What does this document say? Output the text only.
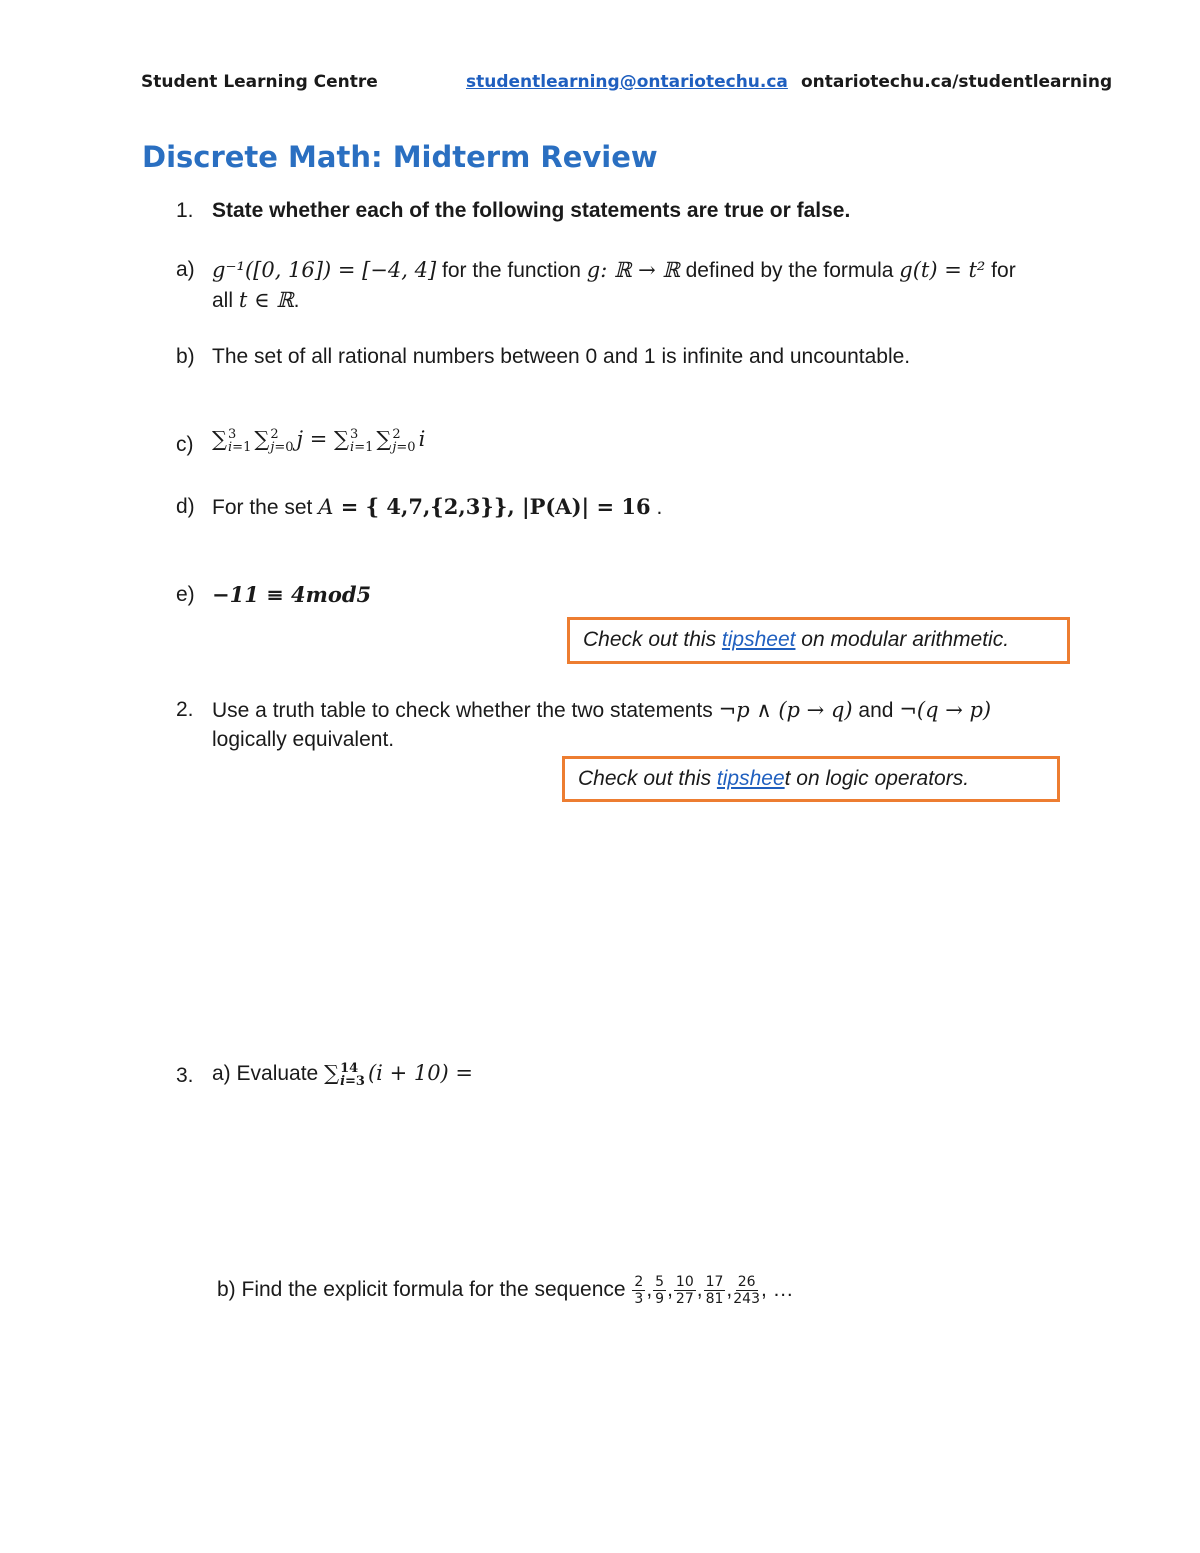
Student Learning Centre	studentlearning@ontariotechu.ca ontariotechu.ca/studentlearning
Discrete Math: Midterm Review
1. State whether each of the following statements are true or false.
a) g⁻¹([0, 16]) = [−4, 4] for the function g: ℝ → ℝ defined by the formula g(t) = t² for
all t ∈ ℝ.
b) The set of all rational numbers between 0 and 1 is infinite and uncountable.
c) ∑ 3
i=1 ∑ 2
j=0 j = ∑ 3
i=1 ∑ 2
j=0 i
d) For the set A = { 4,7,{2,3}}, |P(A)| = 16 .
e) −11 ≡ 4mod5
Check out this tipsheet on modular arithmetic.
2. Use a truth table to check whether the two statements ¬p ∧ (p → q) and ¬(q → p)
logically equivalent.
Check out this tipsheet on logic operators.
3. a) Evaluate ∑ 14
i=3 (i + 10) =
b) Find the explicit formula for the sequence $\frac{2}{3}$ , $\frac{5}{9}$ , $\frac{10}{27}$ , $\frac{17}{81}$ , $\frac{26}{243}$ , …
